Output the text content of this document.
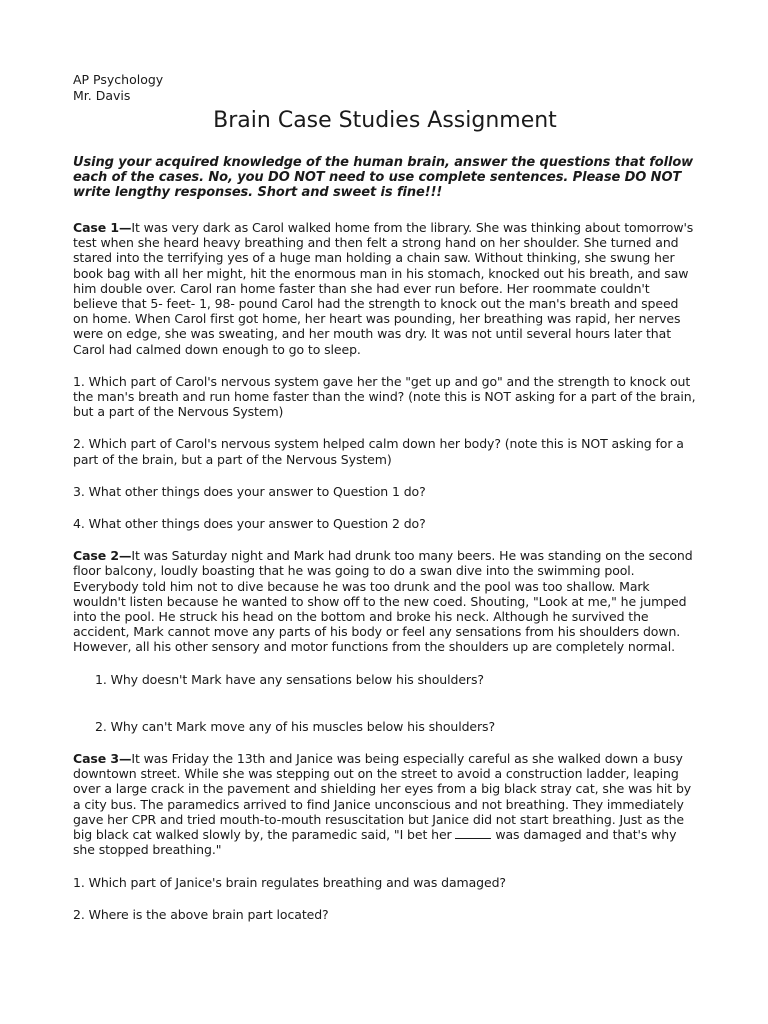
AP Psychology
Mr. Davis
Brain Case Studies Assignment
Using your acquired knowledge of the human brain, answer the questions that follow each of the cases. No, you DO NOT need to use complete sentences. Please DO NOT write lengthy responses. Short and sweet is fine!!!

Case 1—It was very dark as Carol walked home from the library. She was thinking about tomorrow's test when she heard heavy breathing and then felt a strong hand on her shoulder. She turned and stared into the terrifying yes of a huge man holding a chain saw. Without thinking, she swung her book bag with all her might, hit the enormous man in his stomach, knocked out his breath, and saw him double over. Carol ran home faster than she had ever run before. Her roommate couldn't believe that 5- feet- 1, 98- pound Carol had the strength to knock out the man's breath and speed on home. When Carol first got home, her heart was pounding, her breathing was rapid, her nerves were on edge, she was sweating, and her mouth was dry. It was not until several hours later that Carol had calmed down enough to go to sleep.

1. Which part of Carol's nervous system gave her the "get up and go" and the strength to knock out the man's breath and run home faster than the wind? (note this is NOT asking for a part of the brain, but a part of the Nervous System)

2. Which part of Carol's nervous system helped calm down her body? (note this is NOT asking for a part of the brain, but a part of the Nervous System)

3. What other things does your answer to Question 1 do?

4. What other things does your answer to Question 2 do?

Case 2—It was Saturday night and Mark had drunk too many beers. He was standing on the second floor balcony, loudly boasting that he was going to do a swan dive into the swimming pool. Everybody told him not to dive because he was too drunk and the pool was too shallow. Mark wouldn't listen because he wanted to show off to the new coed. Shouting, "Look at me," he jumped into the pool. He struck his head on the bottom and broke his neck. Although he survived the accident, Mark cannot move any parts of his body or feel any sensations from his shoulders down. However, all his other sensory and motor functions from the shoulders up are completely normal.

1. Why doesn't Mark have any sensations below his shoulders?

2. Why can't Mark move any of his muscles below his shoulders?

Case 3—It was Friday the 13th and Janice was being especially careful as she walked down a busy downtown street. While she was stepping out on the street to avoid a construction ladder, leaping over a large crack in the pavement and shielding her eyes from a big black stray cat, she was hit by a city bus. The paramedics arrived to find Janice unconscious and not breathing. They immediately gave her CPR and tried mouth-to-mouth resuscitation but Janice did not start breathing. Just as the big black cat walked slowly by, the paramedic said, "I bet her	was damaged and that's why she stopped breathing."

1. Which part of Janice's brain regulates breathing and was damaged?

2. Where is the above brain part located?
